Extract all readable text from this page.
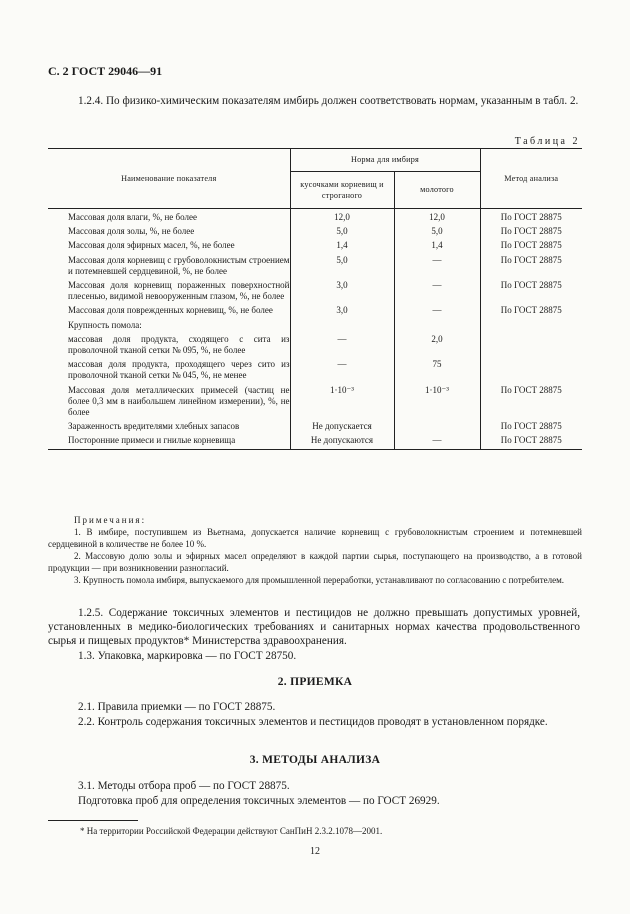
С. 2 ГОСТ 29046—91
1.2.4. По физико-химическим показателям имбирь должен соответствовать нормам, указанным в табл. 2.
Таблица 2
Наименование показателя	Норма для имбиря		Метод анализа
	кусочками корневищ и строганого	молотого	
Массовая доля влаги, %, не более	12,0	12,0	По ГОСТ 28875
Массовая доля золы, %, не более	5,0	5,0	По ГОСТ 28875
Массовая доля эфирных масел, %, не более	1,4	1,4	По ГОСТ 28875
Массовая доля корневищ с грубоволокнистым строением и потемневшей сердцевиной, %, не более	5,0	—	По ГОСТ 28875
Массовая доля корневищ пораженных поверхностной плесенью, видимой невооруженным глазом, %, не более	3,0	—	По ГОСТ 28875
Массовая доля поврежденных корневищ, %, не более	3,0	—	По ГОСТ 28875
Крупность помола:			
массовая доля продукта, сходящего с сита из проволочной тканой сетки № 095, %, не более	—	2,0	
массовая доля продукта, проходящего через сито из проволочной тканой сетки № 045, %, не менее	—	75	
Массовая доля металлических примесей (частиц не более 0,3 мм в наибольшем линейном измерении), %, не более	1·10⁻³	1·10⁻³	По ГОСТ 28875
Зараженность вредителями хлебных запасов	Не допускается		По ГОСТ 28875
Посторонние примеси и гнилые корневища	Не допускаются	—	По ГОСТ 28875
Примечания:

1. В имбире, поступившем из Вьетнама, допускается наличие корневищ с грубоволокнистым строением и потемневшей сердцевиной в количестве не более 10 %.

2. Массовую долю золы и эфирных масел определяют в каждой партии сырья, поступающего на производство, а в готовой продукции — при возникновении разногласий.

3. Крупность помола имбиря, выпускаемого для промышленной переработки, устанавливают по согласованию с потребителем.

1.2.5. Содержание токсичных элементов и пестицидов не должно превышать допустимых уровней, установленных в медико-биологических требованиях и санитарных нормах качества продовольственного сырья и пищевых продуктов* Министерства здравоохранения.
1.3. Упаковка, маркировка — по ГОСТ 28750.
2. ПРИЕМКА
2.1. Правила приемки — по ГОСТ 28875.
2.2. Контроль содержания токсичных элементов и пестицидов проводят в установленном порядке.
3. МЕТОДЫ АНАЛИЗА
3.1. Методы отбора проб — по ГОСТ 28875.
Подготовка проб для определения токсичных элементов — по ГОСТ 26929.
* На территории Российской Федерации действуют СанПиН 2.3.2.1078—2001.
12
